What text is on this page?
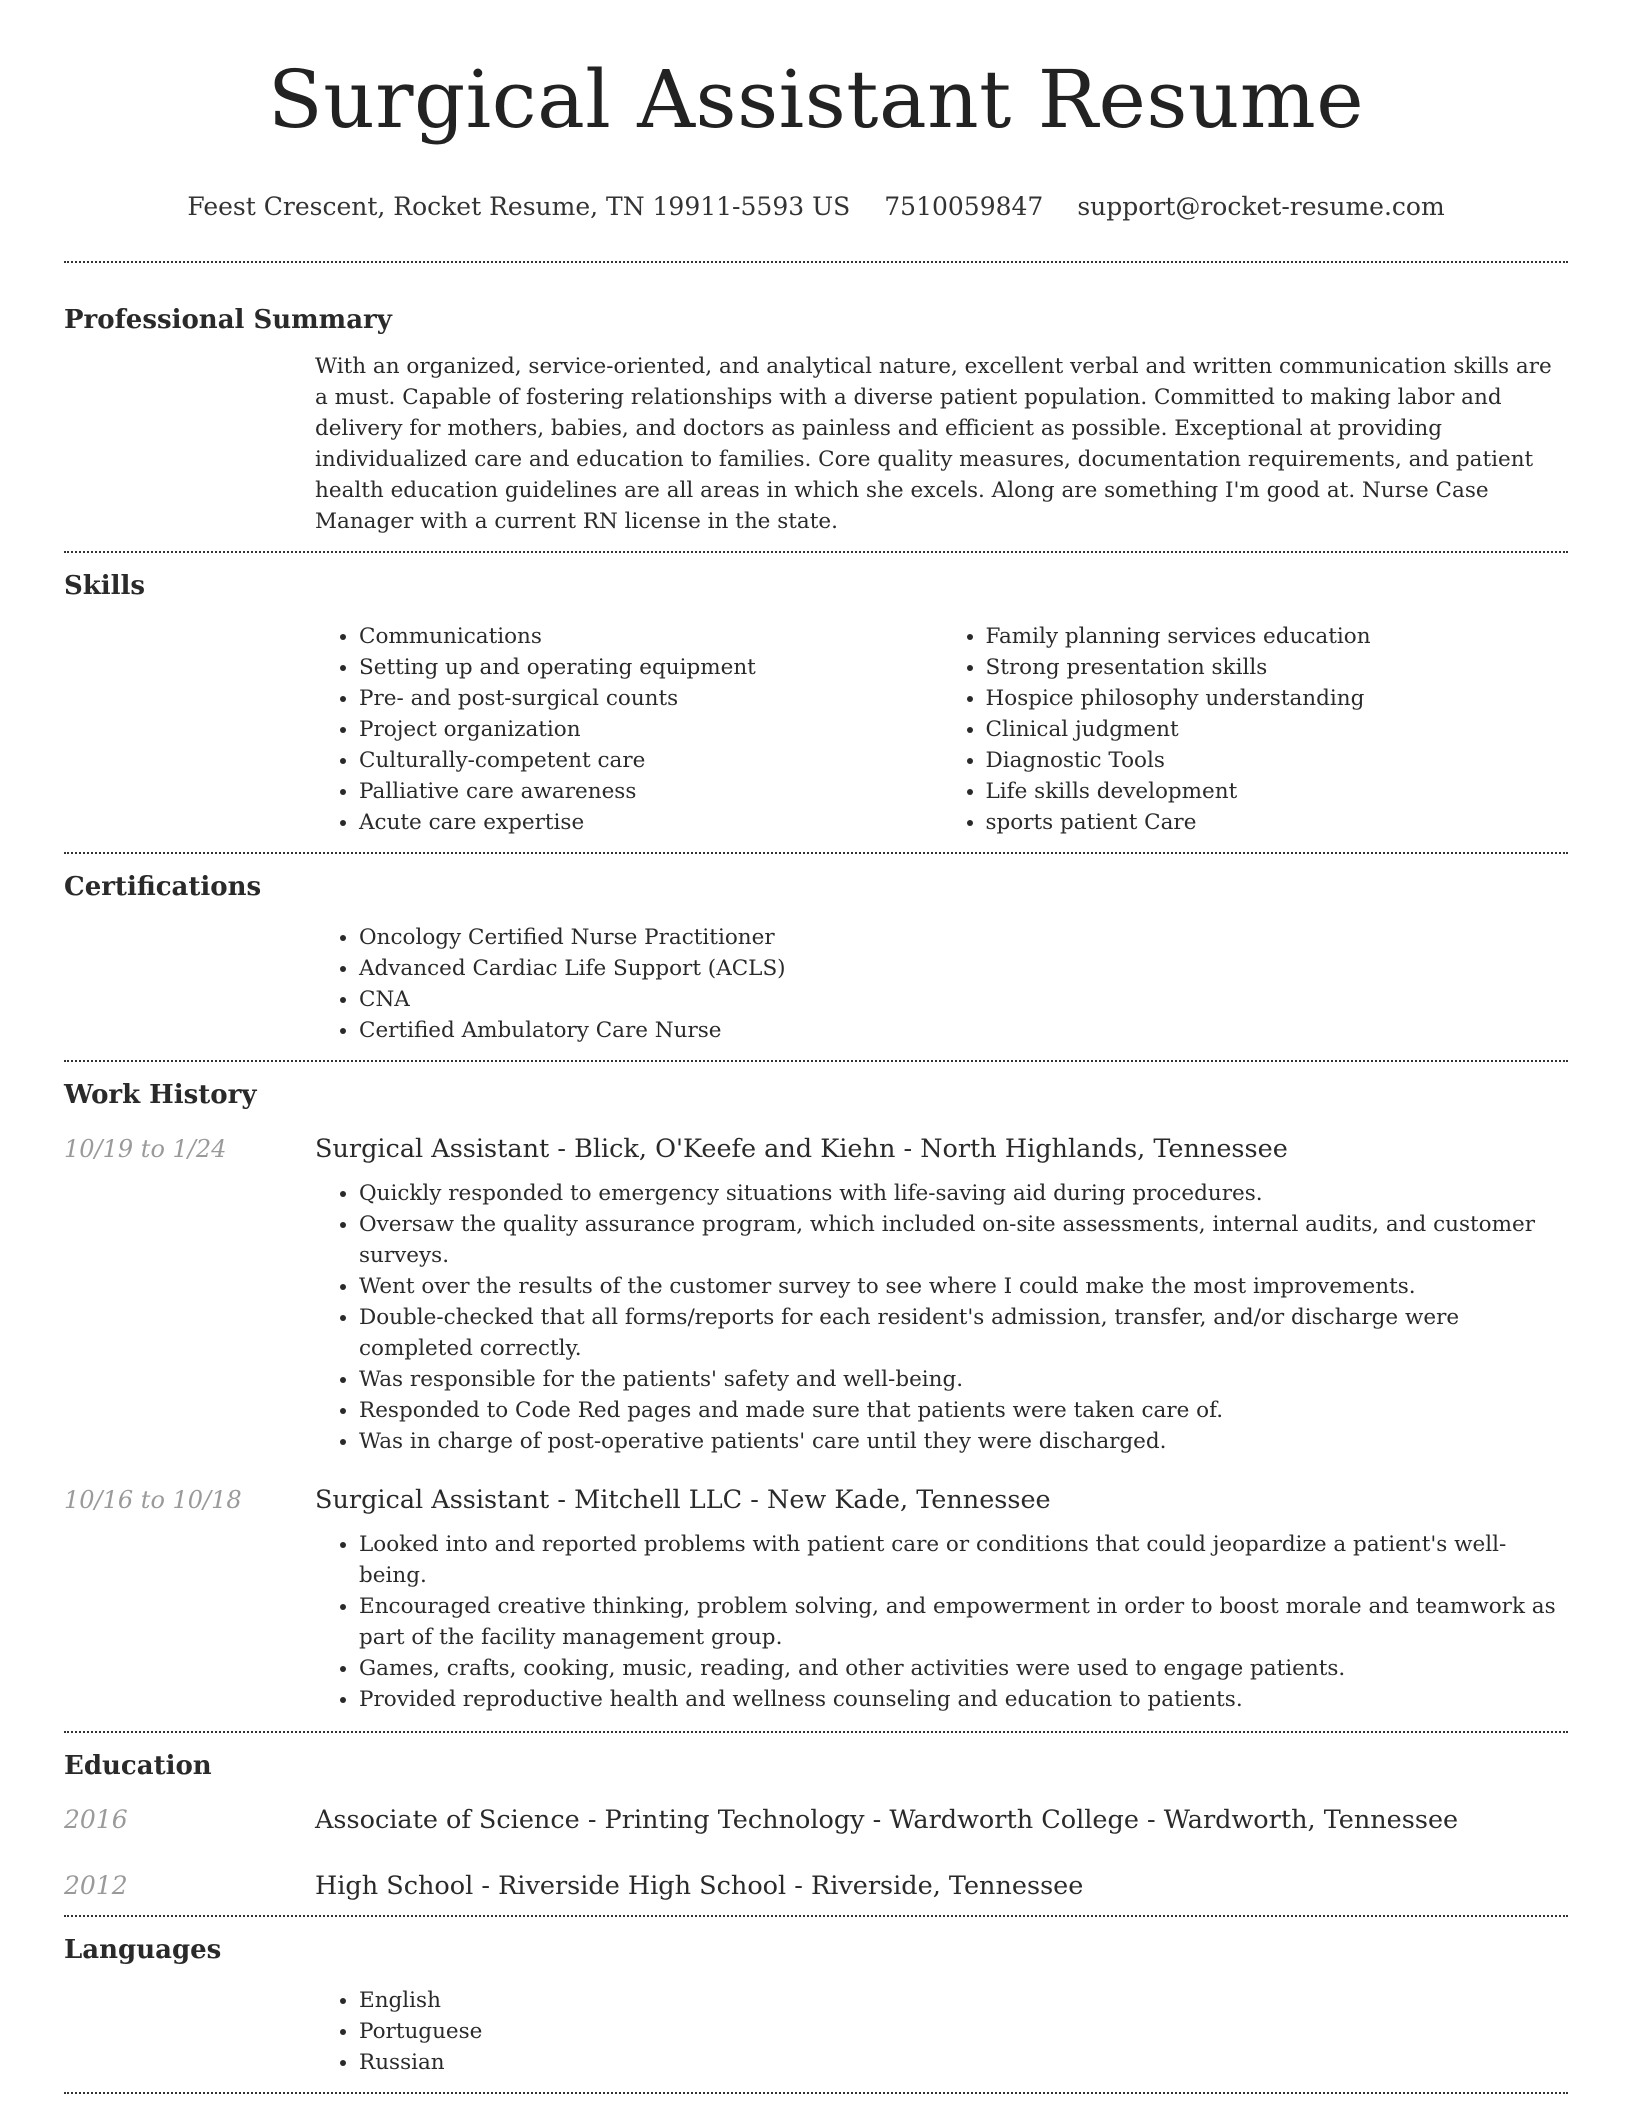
Surgical Assistant Resume
Feest Crescent, Rocket Resume, TN 19911-5593 US 7510059847 support@rocket-resume.com
Professional Summary
With an organized, service-oriented, and analytical nature, excellent verbal and written communication skills are a must. Capable of fostering relationships with a diverse patient population. Committed to making labor and delivery for mothers, babies, and doctors as painless and efficient as possible. Exceptional at providing individualized care and education to families. Core quality measures, documentation requirements, and patient health education guidelines are all areas in which she excels. Along are something I'm good at. Nurse Case Manager with a current RN license in the state.
Skills
• Communications
• Setting up and operating equipment
• Pre- and post-surgical counts
• Project organization
• Culturally-competent care
• Palliative care awareness
• Acute care expertise
• Family planning services education
• Strong presentation skills
• Hospice philosophy understanding
• Clinical judgment
• Diagnostic Tools
• Life skills development
• sports patient Care
Certifications
• Oncology Certified Nurse Practitioner
• Advanced Cardiac Life Support (ACLS)
• CNA
• Certified Ambulatory Care Nurse
Work History
10/19 to 1/24	Surgical Assistant - Blick, O'Keefe and Kiehn - North Highlands, Tennessee
• Quickly responded to emergency situations with life-saving aid during procedures.
• Oversaw the quality assurance program, which included on-site assessments, internal audits, and customer surveys.
• Went over the results of the customer survey to see where I could make the most improvements.
• Double-checked that all forms/reports for each resident's admission, transfer, and/or discharge were completed correctly.
• Was responsible for the patients' safety and well-being.
• Responded to Code Red pages and made sure that patients were taken care of.
• Was in charge of post-operative patients' care until they were discharged.
10/16 to 10/18	Surgical Assistant - Mitchell LLC - New Kade, Tennessee
• Looked into and reported problems with patient care or conditions that could jeopardize a patient's well-being.
• Encouraged creative thinking, problem solving, and empowerment in order to boost morale and teamwork as part of the facility management group.
• Games, crafts, cooking, music, reading, and other activities were used to engage patients.
• Provided reproductive health and wellness counseling and education to patients.
Education
2016	Associate of Science - Printing Technology - Wardworth College - Wardworth, Tennessee
2012	High School - Riverside High School - Riverside, Tennessee
Languages
• English
• Portuguese
• Russian
